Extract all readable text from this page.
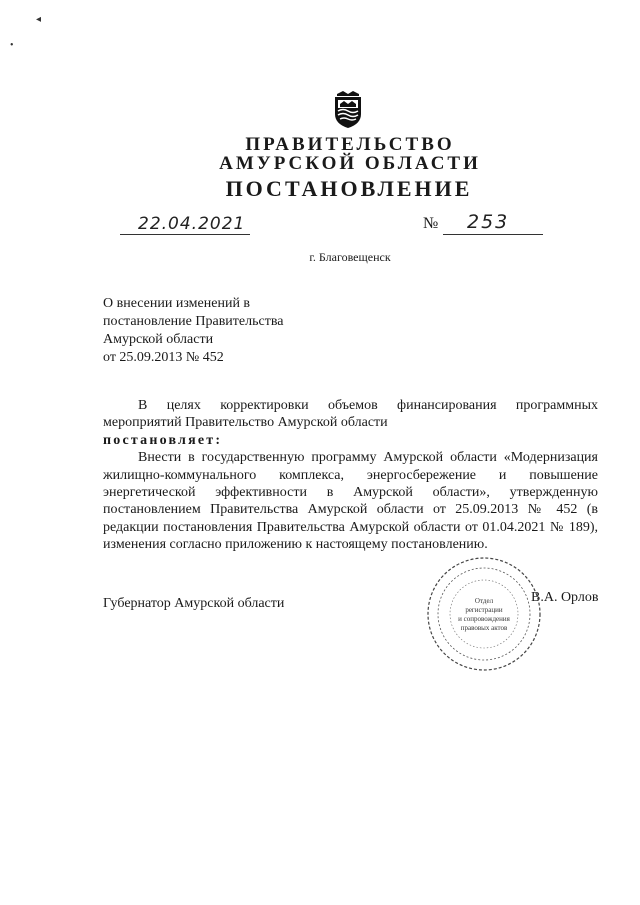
◂
•
ПРАВИТЕЛЬСТВО
АМУРСКОЙ ОБЛАСТИ
ПОСТАНОВЛЕНИЕ
22.04.2021	№ 253
г. Благовещенск
О внесении изменений в
постановление Правительства
Амурской области
от 25.09.2013 № 452

В целях корректировки объемов финансирования программных мероприятий Правительство Амурской области

постановляет:

Внести в государственную программу Амурской области «Модернизация жилищно-коммунального комплекса, энергосбережение и повышение энергетической эффективности в Амурской области», утвержденную постановлением Правительства Амурской области от 25.09.2013 № 452 (в редакции постановления Правительства Амурской области от 01.04.2021 № 189), изменения согласно приложению к настоящему постановлению.

Губернатор Амурской области	В.А. Орлов
Отдел
регистрации
и сопровождения
правовых актов
